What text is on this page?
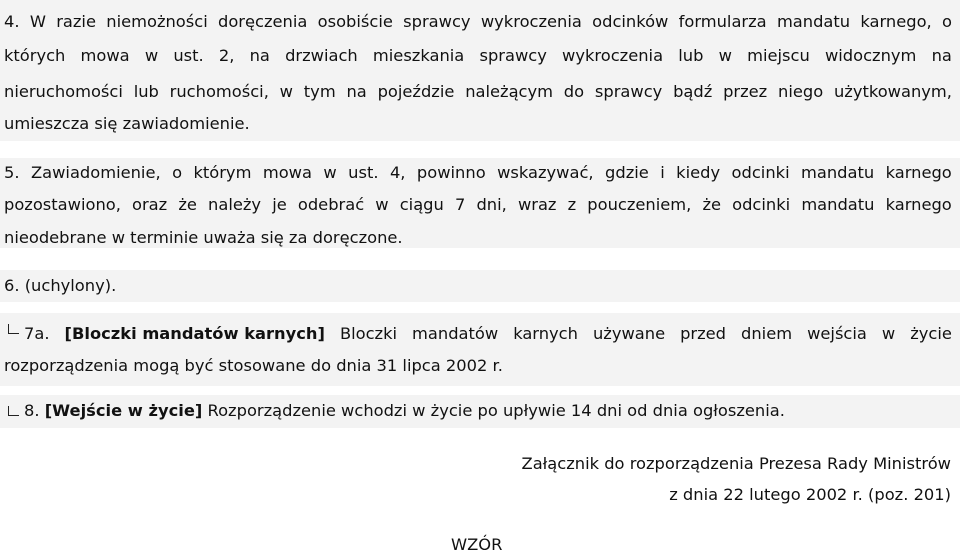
4. W razie niemożności doręczenia osobiście sprawcy wykroczenia odcinków formularza mandatu karnego, o
których mowa w ust. 2, na drzwiach mieszkania sprawcy wykroczenia lub w miejscu widocznym na
nieruchomości lub ruchomości, w tym na pojeździe należącym do sprawcy bądź przez niego użytkowanym,
umieszcza się zawiadomienie.
5. Zawiadomienie, o którym mowa w ust. 4, powinno wskazywać, gdzie i kiedy odcinki mandatu karnego
pozostawiono, oraz że należy je odebrać w ciągu 7 dni, wraz z pouczeniem, że odcinki mandatu karnego
nieodebrane w terminie uważa się za doręczone.
6. (uchylony).
7a. [Bloczki mandatów karnych] Bloczki mandatów karnych używane przed dniem wejścia w życie
rozporządzenia mogą być stosowane do dnia 31 lipca 2002 r.
8. [Wejście w życie] Rozporządzenie wchodzi w życie po upływie 14 dni od dnia ogłoszenia.
Załącznik do rozporządzenia Prezesa Rady Ministrów
z dnia 22 lutego 2002 r. (poz. 201)
WZÓR
